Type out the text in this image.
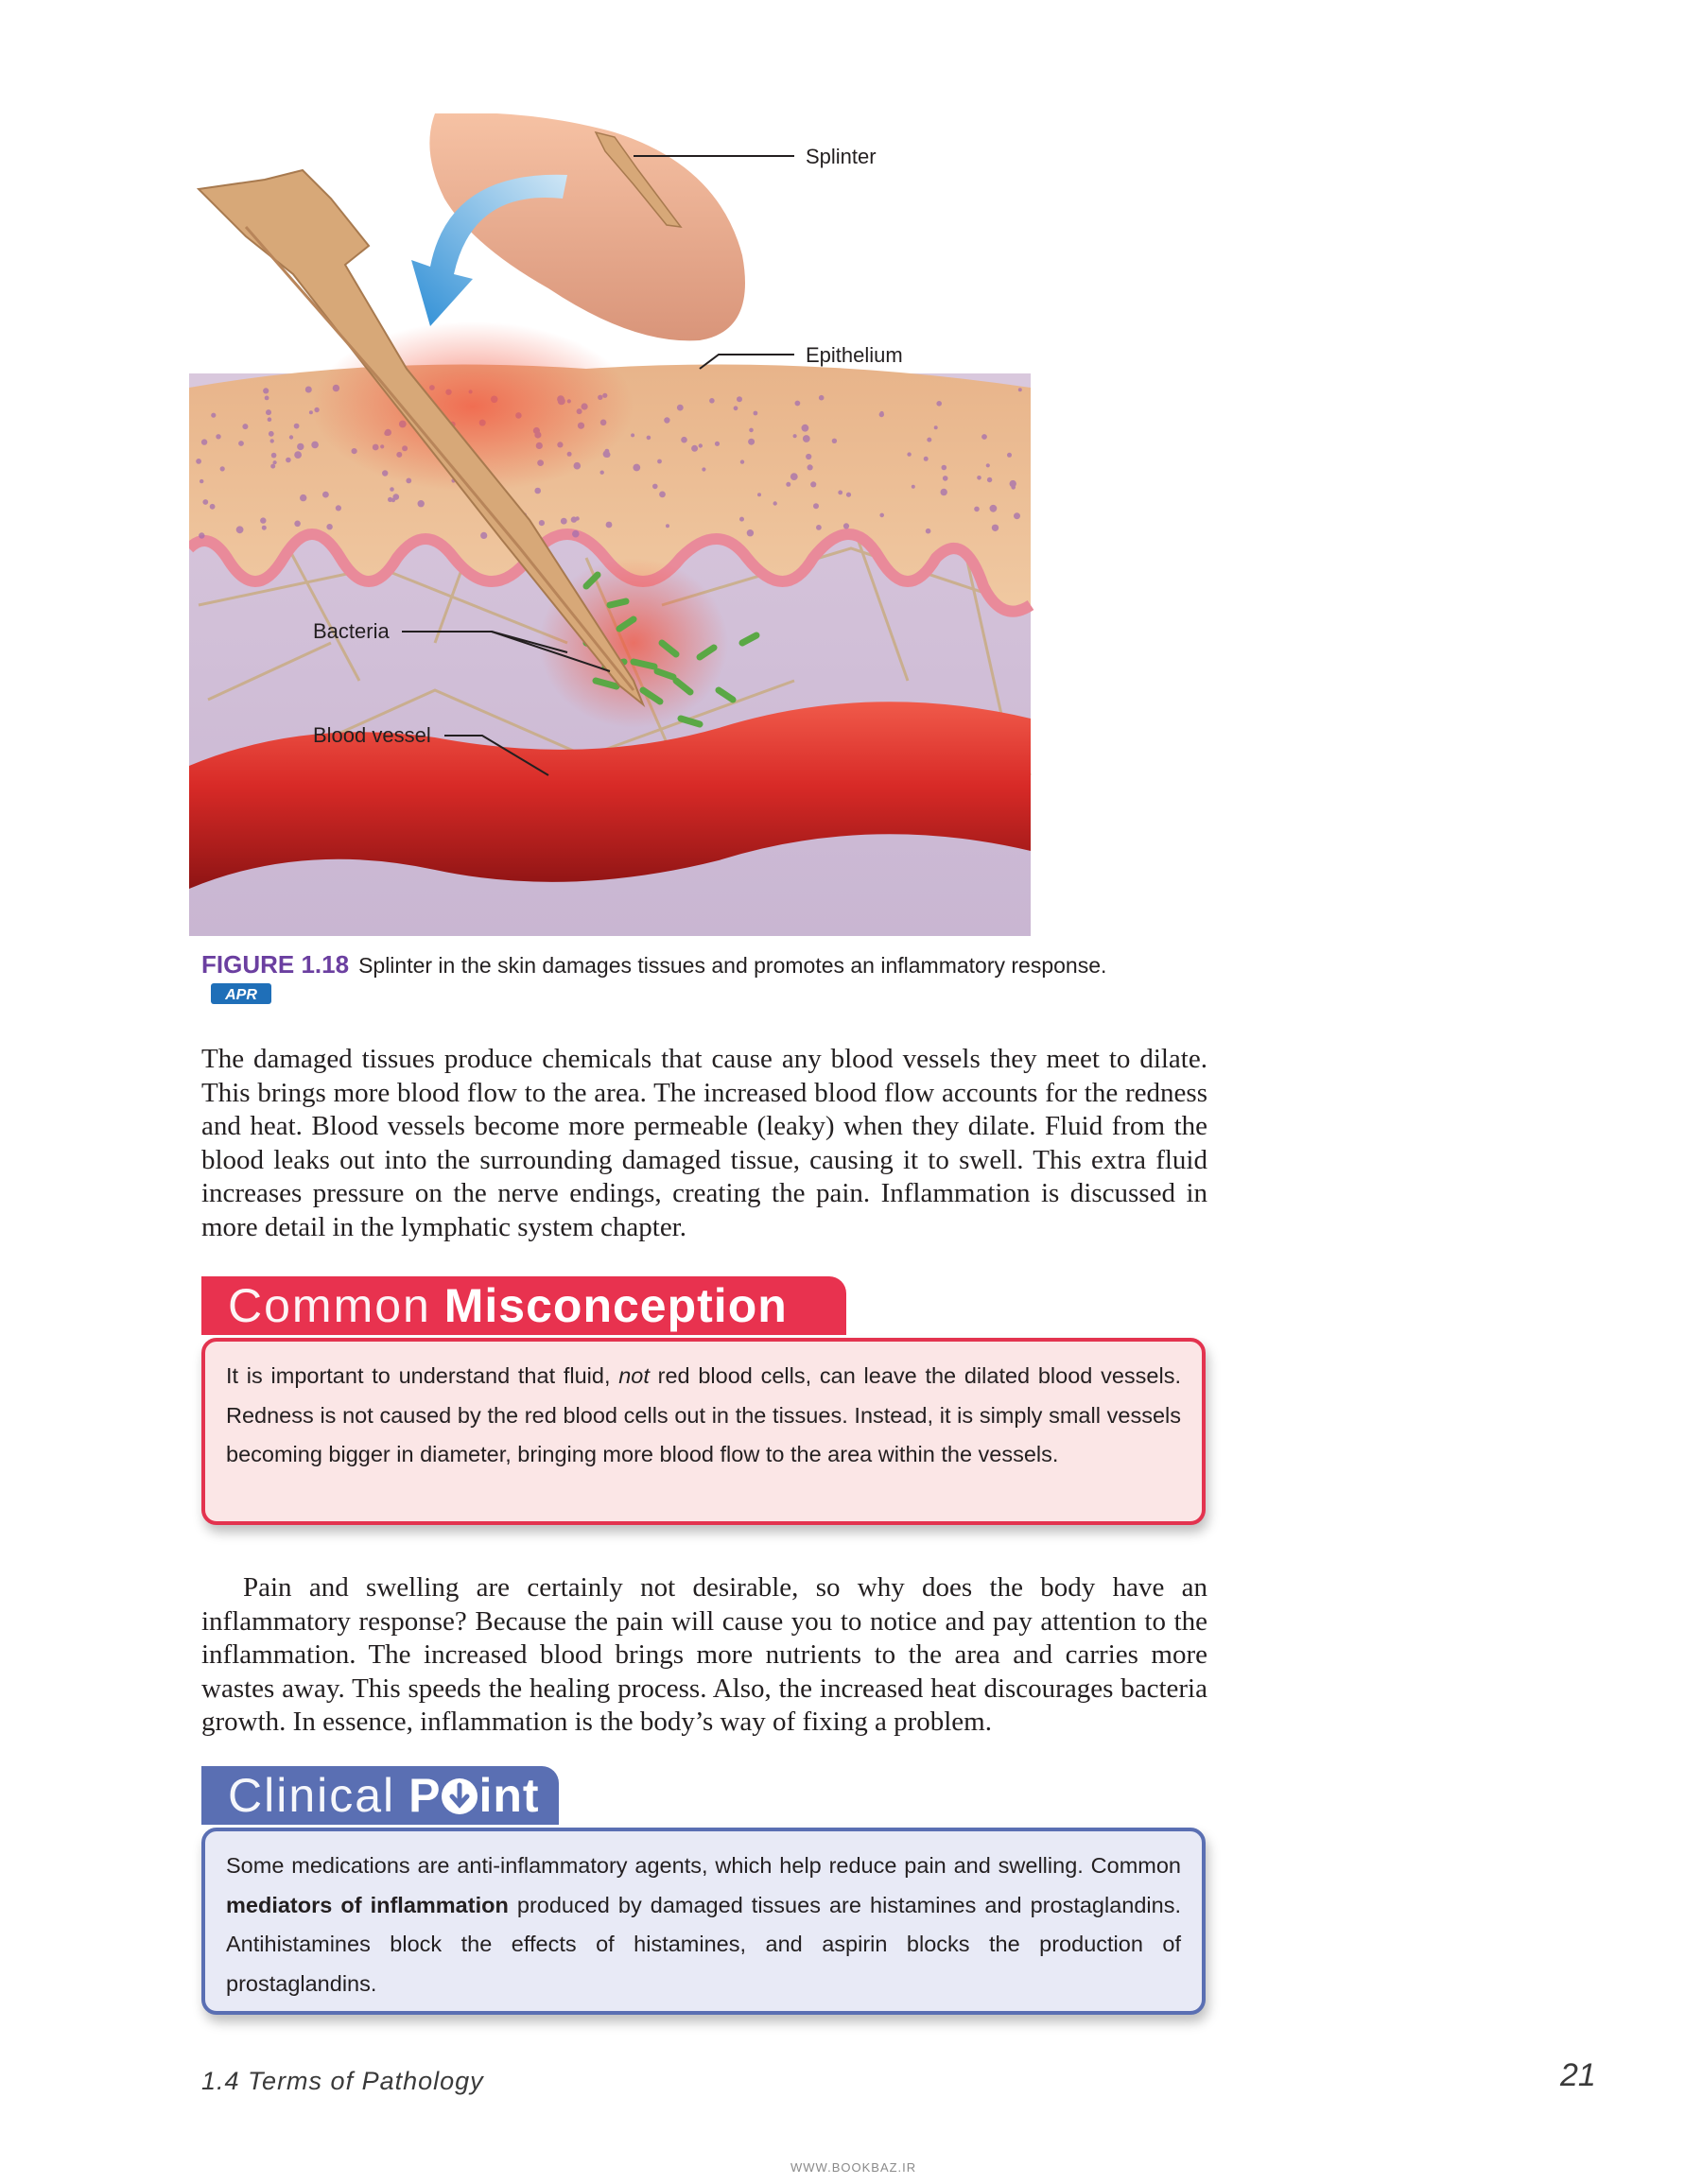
Splinter
Epithelium
Bacteria
Blood vessel
FIGURE 1.18 Splinter in the skin damages tissues and promotes an inflammatory response.
APR
The damaged tissues produce chemicals that cause any blood vessels they meet to dilate. This brings more blood flow to the area. The increased blood flow accounts for the redness and heat. Blood vessels become more permeable (leaky) when they dilate. Fluid from the blood leaks out into the surrounding damaged tissue, causing it to swell. This extra fluid increases pressure on the nerve endings, creating the pain. Inflammation is discussed in more detail in the lymphatic system chapter.
Common Misconception
It is important to understand that fluid, not red blood cells, can leave the dilated blood vessels. Redness is not caused by the red blood cells out in the tissues. Instead, it is simply small vessels becoming bigger in diameter, bringing more blood flow to the area within the vessels.
Pain and swelling are certainly not desirable, so why does the body have an inflammatory response? Because the pain will cause you to notice and pay attention to the inflammation. The increased blood brings more nutrients to the area and carries more wastes away. This speeds the healing process. Also, the increased heat discourages bacteria growth. In essence, inflammation is the body’s way of fixing a problem.
Clinical P int
Some medications are anti-inflammatory agents, which help reduce pain and swelling. Common mediators of inflammation produced by damaged tissues are histamines and prostaglandins. Antihistamines block the effects of histamines, and aspirin blocks the production of prostaglandins.
1.4 Terms of Pathology	21
WWW.BOOKBAZ.IR
